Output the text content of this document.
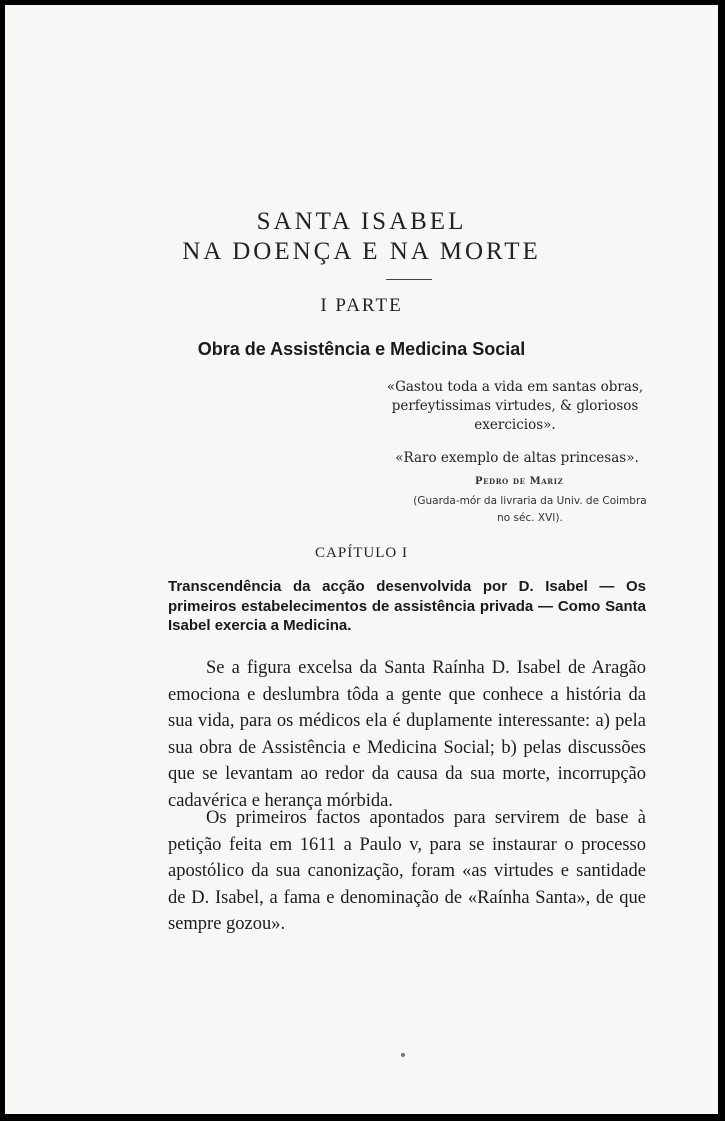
SANTA ISABEL
NA DOENÇA E NA MORTE
I PARTE
Obra de Assistência e Medicina Social
«Gastou toda a vida em santas obras, perfeytissimas virtudes, & gloriosos exercicios».
«Raro exemplo de altas princesas».
Pedro de Mariz
(Guarda-mór da livraria da Univ. de Coimbra
no séc. XVI).
CAPÍTULO I
Transcendência da acção desenvolvida por D. Isabel — Os primeiros estabelecimentos de assistência privada — Como Santa Isabel exercia a Medicina.
Se a figura excelsa da Santa Raínha D. Isabel de Aragão emociona e deslumbra tôda a gente que conhece a história da sua vida, para os médicos ela é duplamente interessante: a) pela sua obra de Assistência e Medicina Social; b) pelas discussões que se levantam ao redor da causa da sua morte, incorrupção cadavérica e herança mórbida.
Os primeiros factos apontados para servirem de base à petição feita em 1611 a Paulo v, para se instaurar o processo apostólico da sua canonização, foram «as virtudes e santidade de D. Isabel, a fama e denominação de «Raínha Santa», de que sempre gozou».
